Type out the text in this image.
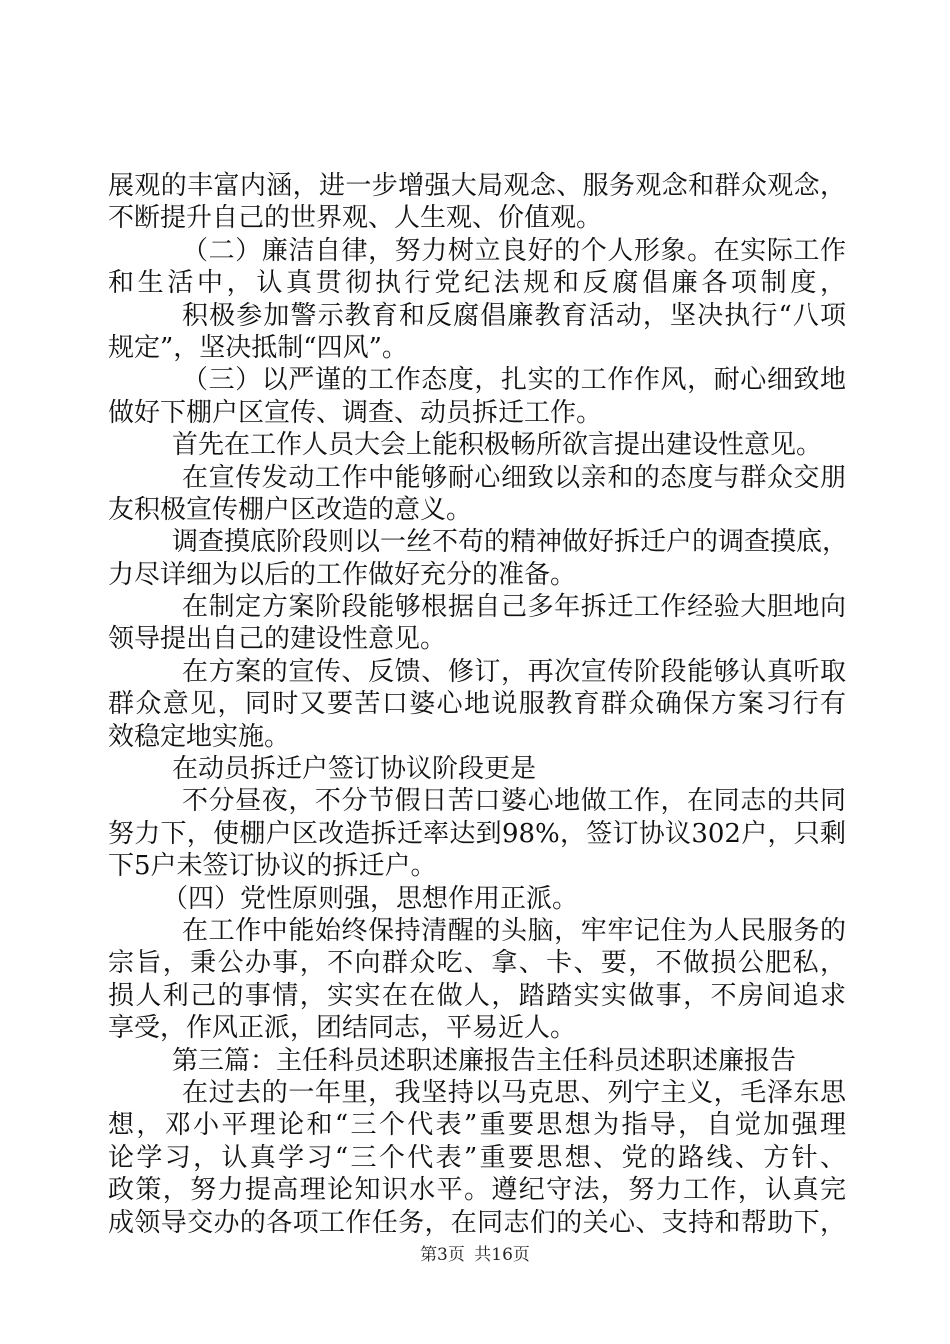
展观的丰富内涵，进一步增强大局观念、服务观念和群众观念，
不断提升自己的世界观、人生观、价值观。
（二）廉洁自律，努力树立良好的个人形象。在实际工作
和生活中，认真贯彻执行党纪法规和反腐倡廉各项制度，
积极参加警示教育和反腐倡廉教育活动，坚决执行“八项
规定”，坚决抵制“四风”。
（三）以严谨的工作态度，扎实的工作作风，耐心细致地
做好下棚户区宣传、调查、动员拆迁工作。
首先在工作人员大会上能积极畅所欲言提出建设性意见。
在宣传发动工作中能够耐心细致以亲和的态度与群众交朋
友积极宣传棚户区改造的意义。
调查摸底阶段则以一丝不苟的精神做好拆迁户的调查摸底，
力尽详细为以后的工作做好充分的准备。
在制定方案阶段能够根据自己多年拆迁工作经验大胆地向
领导提出自己的建设性意见。
在方案的宣传、反馈、修订，再次宣传阶段能够认真听取
群众意见，同时又要苦口婆心地说服教育群众确保方案习行有
效稳定地实施。
在动员拆迁户签订协议阶段更是
不分昼夜，不分节假日苦口婆心地做工作，在同志的共同
努力下，使棚户区改造拆迁率达到98%，签订协议302户，只剩
下5户未签订协议的拆迁户。
（四）党性原则强，思想作用正派。
在工作中能始终保持清醒的头脑，牢牢记住为人民服务的
宗旨，秉公办事，不向群众吃、拿、卡、要，不做损公肥私，
损人利己的事情，实实在在做人，踏踏实实做事，不房间追求
享受，作风正派，团结同志，平易近人。
第三篇：主任科员述职述廉报告主任科员述职述廉报告
在过去的一年里，我坚持以马克思、列宁主义，毛泽东思
想，邓小平理论和“三个代表”重要思想为指导，自觉加强理
论学习，认真学习“三个代表”重要思想、党的路线、方针、
政策，努力提高理论知识水平。遵纪守法，努力工作，认真完
成领导交办的各项工作任务，在同志们的关心、支持和帮助下，
第3页 共16页
